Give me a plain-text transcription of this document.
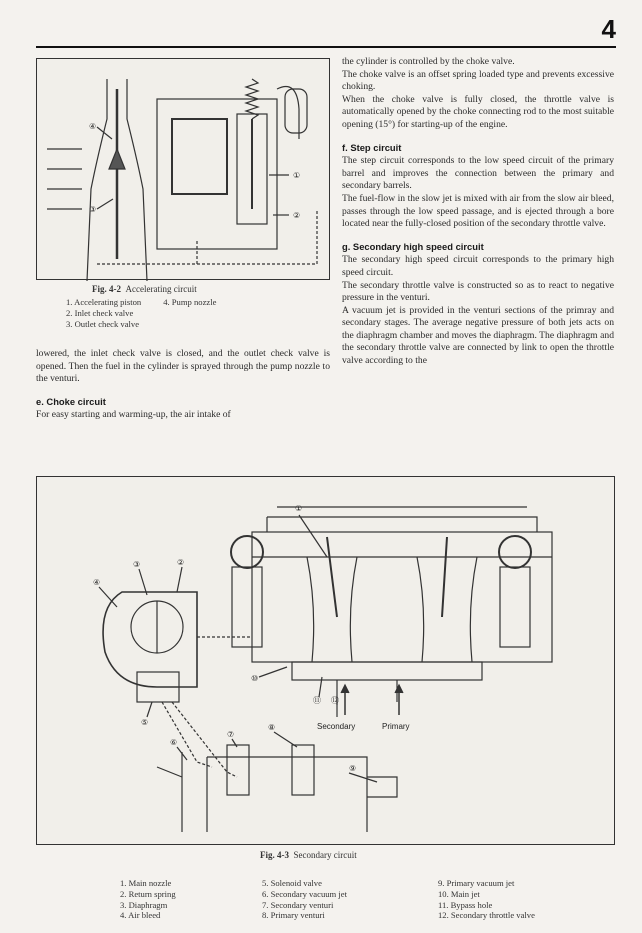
4
④
①
②
③
Fig. 4-2 Accelerating circuit
1. Accelerating piston	4. Pump nozzle
2. Inlet check valve
3. Outlet check valve

lowered, the inlet check valve is closed, and the outlet check valve is opened. Then the fuel in the cylinder is sprayed through the pump nozzle to the venturi.

e. Choke circuit

For easy starting and warming-up, the air intake of

the cylinder is controlled by the choke valve.

The choke valve is an offset spring loaded type and prevents excessive choking.

When the choke valve is fully closed, the throttle valve is automatically opened by the choke connecting rod to the most suitable opening (15°) for starting-up of the engine.

f. Step circuit

The step circuit corresponds to the low speed circuit of the primary barrel and improves the connection between the primary and secondary barrels.

The fuel-flow in the slow jet is mixed with air from the slow air bleed, passes through the low speed passage, and is ejected through a bore located near the fully-closed position of the secondary throttle valve.

g. Secondary high speed circuit

The secondary high speed circuit corresponds to the primary high speed circuit.

The secondary throttle valve is constructed so as to react to negative pressure in the venturi.

A vacuum jet is provided in the venturi sections of the primray and secondary stages. The average negative pressure of both jets acts on the diaphragm chamber and moves the diaphragm. The diaphragm and the secondary throttle valve are connected by link to open the throttle valve according to the

①
②
③
④
⑤
⑥
⑦
⑧
⑨
⑩
⑪ ⑫
Secondary	Primary
Fig. 4-3 Secondary circuit
1. Main nozzle
2. Return spring
3. Diaphragm
4. Air bleed
5. Solenoid valve
6. Secondary vacuum jet
7. Secondary venturi
8. Primary venturi
9. Primary vacuum jet
10. Main jet
11. Bypass hole
12. Secondary throttle valve
